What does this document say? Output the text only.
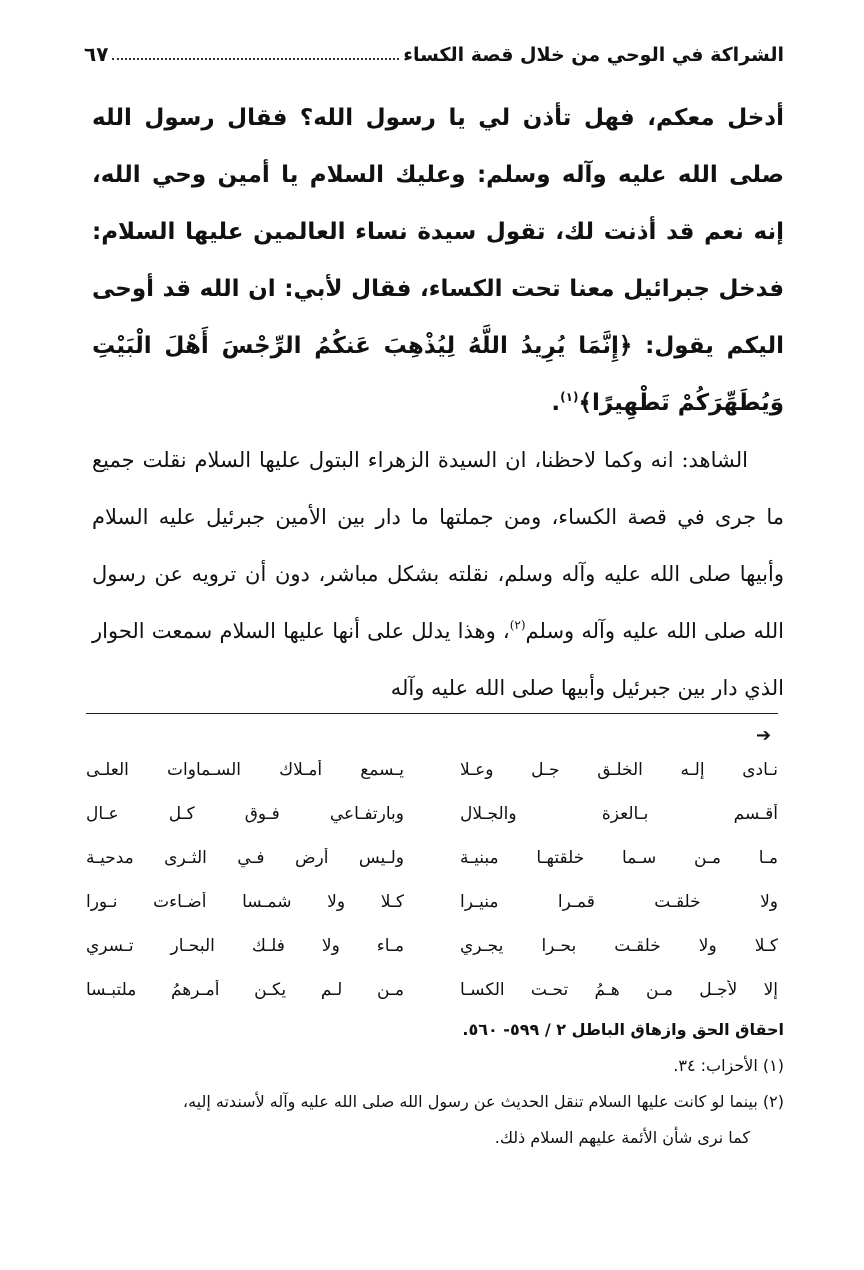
الشراكة في الوحي من خلال قصة الكساء
٦٧

أدخل معكم، فهل تأذن لي يا رسول الله؟ فقال رسول الله صلى الله عليه وآله وسلم: وعليك السلام يا أمين وحي الله، إنه نعم قد أذنت لك، تقول سيدة نساء العالمين عليها السلام: فدخل جبرائيل معنا تحت الكساء، فقال لأبي: ان الله قد أوحى اليكم يقول: ﴿إِنَّمَا يُرِيدُ اللَّهُ لِيُذْهِبَ عَنكُمُ الرِّجْسَ أَهْلَ الْبَيْتِ وَيُطَهِّرَكُمْ تَطْهِيرًا﴾$^{(١)}$.

الشاهد: انه وكما لاحظنا، ان السيدة الزهراء البتول عليها السلام نقلت جميع ما جرى في قصة الكساء، ومن جملتها ما دار بين الأمين جبرئيل عليه السلام وأبيها صلى الله عليه وآله وسلم، نقلته بشكل مباشر، دون أن ترويه عن رسول الله صلى الله عليه وآله وسلم$^{(٢)}$، وهذا يدلل على أنها عليها السلام سمعت الحوار الذي دار بين جبرئيل وأبيها صلى الله عليه وآله

➔
نـادى إلـه الخلـق جـل وعـلا
يـسمع أمـلاك السـماوات العلـى
أقـسم بـالعزة والجـلال
وبارتفـاعي فـوق كـل عـال
مـا مـن سـما خلقتهـا مبنيـة
ولـيس أرض فـي الثـرى مدحيـة
ولا خلقـت قمـرا منيـرا
كـلا ولا شمـسا أضـاءت نـورا
كـلا ولا خلقـت بحـرا يجـري
مـاء ولا فلـك البحـار تـسري
إلا لأجـل مـن هـمُ تحـت الكسـا
مـن لـم يكـن أمـرهمُ ملتبـسا

احقاق الحق وازهاق الباطل ٢ / ٥٩٩- ٥٦٠.

(١) الأحزاب: ٣٤.

(٢) بينما لو كانت عليها السلام تنقل الحديث عن رسول الله صلى الله عليه وآله لأسندته إليه،

كما نرى شأن الأئمة عليهم السلام ذلك.
